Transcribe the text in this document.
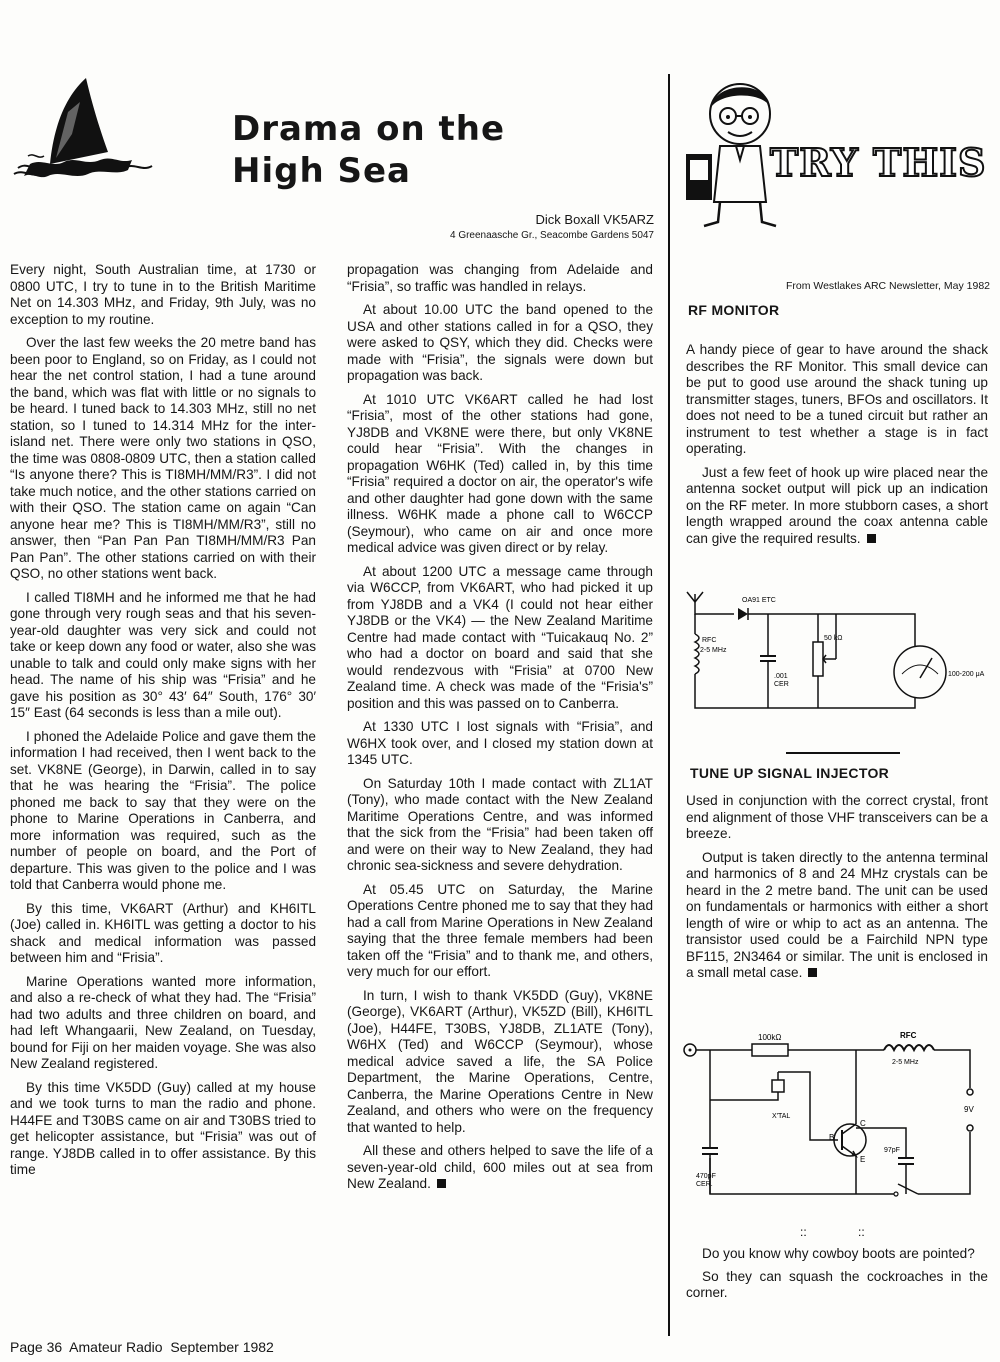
Drama on the
High Sea
Dick Boxall VK5ARZ
4 Greenaasche Gr., Seacombe Gardens 5047

Every night, South Australian time, at 1730 or 0800 UTC, I try to tune in to the British Maritime Net on 14.303 MHz, and Friday, 9th July, was no exception to my routine.

Over the last few weeks the 20 metre band has been poor to England, so on Friday, as I could not hear the net control station, I had a tune around the band, which was flat with little or no signals to be heard. I tuned back to 14.303 MHz, still no net station, so I tuned to 14.314 MHz for the inter-island net. There were only two stations in QSO, the time was 0808-0809 UTC, then a station called “Is anyone there? This is TI8MH/MM/R3”. I did not take much notice, and the other stations carried on with their QSO. The station came on again “Can anyone hear me? This is TI8MH/MM/R3”, still no answer, then “Pan Pan Pan TI8MH/MM/R3 Pan Pan Pan”. The other stations carried on with their QSO, no other stations went back.

I called TI8MH and he informed me that he had gone through very rough seas and that his seven-year-old daughter was very sick and could not take or keep down any food or water, also she was unable to talk and could only make signs with her head. The name of his ship was “Frisia” and he gave his position as 30° 43′ 64″ South, 176° 30′ 15″ East (64 seconds is less than a mile out).

I phoned the Adelaide Police and gave them the information I had received, then I went back to the set. VK8NE (George), in Darwin, called in to say that he was hearing the “Frisia”. The police phoned me back to say that they were on the phone to Marine Operations in Canberra, and more information was required, such as the number of people on board, and the Port of departure. This was given to the police and I was told that Canberra would phone me.

By this time, VK6ART (Arthur) and KH6ITL (Joe) called in. KH6ITL was getting a doctor to his shack and medical information was passed between him and “Frisia”.

Marine Operations wanted more information, and also a re-check of what they had. The “Frisia” had two adults and three children on board, and had left Whangaarii, New Zealand, on Tuesday, bound for Fiji on her maiden voyage. She was also New Zealand registered.

By this time VK5DD (Guy) called at my house and we took turns to man the radio and phone. H44FE and T30BS came on air and T30BS tried to get helicopter assistance, but “Frisia” was out of range. YJ8DB called in to offer assistance. By this time

propagation was changing from Adelaide and “Frisia”, so traffic was handled in relays.

At about 10.00 UTC the band opened to the USA and other stations called in for a QSO, they were asked to QSY, which they did. Checks were made with “Frisia”, the signals were down but propagation was back.

At 1010 UTC VK6ART called he had lost “Frisia”, most of the other stations had gone, YJ8DB and VK8NE were there, but only VK8NE could hear “Frisia”. With the changes in propagation W6HK (Ted) called in, by this time “Frisia” required a doctor on air, the operator's wife and other daughter had gone down with the same illness. W6HK made a phone call to W6CCP (Seymour), who came on air and once more medical advice was given direct or by relay.

At about 1200 UTC a message came through via W6CCP, from VK6ART, who had picked it up from YJ8DB and a VK4 (I could not hear either YJ8DB or the VK4) — the New Zealand Maritime Centre had made contact with “Tuicakauq No. 2” who had a doctor on board and said that she would rendezvous with “Frisia” at 0700 New Zealand time. A check was made of the “Frisia's” position and this was passed on to Canberra.

At 1330 UTC I lost signals with “Frisia”, and W6HX took over, and I closed my station down at 1345 UTC.

On Saturday 10th I made contact with ZL1AT (Tony), who made contact with the New Zealand Maritime Operations Centre, and was informed that the sick from the “Frisia” had been taken off and were on their way to New Zealand, they had chronic sea-sickness and severe dehydration.

At 05.45 UTC on Saturday, the Marine Operations Centre phoned me to say that they had had a call from Marine Operations in New Zealand saying that the three female members had been taken off the “Frisia” and to thank me, and others, very much for our effort.

In turn, I wish to thank VK5DD (Guy), VK8NE (George), VK6ART (Arthur), VK5ZD (Bill), KH6ITL (Joe), H44FE, T30BS, YJ8DB, ZL1ATE (Tony), W6HX (Ted) and W6CCP (Seymour), whose medical advice saved a life, the SA Police Department, the Marine Operations, Centre, Canberra, the Marine Operations Centre in New Zealand, and others who were on the frequency that wanted to help.

All these and others helped to save the life of a seven-year-old child, 600 miles out at sea from New Zealand.

TRY THIS
From Westlakes ARC Newsletter, May 1982
RF MONITOR

A handy piece of gear to have around the shack describes the RF Monitor. This small device can be put to good use around the shack tuning up transmitter stages, tuners, BFOs and oscillators. It does not need to be a tuned circuit but rather an instrument to test whether a stage is in fact operating.

Just a few feet of hook up wire placed near the antenna socket output will pick up an indication on the RF meter. In more stubborn cases, a short length wrapped around the coax antenna cable can give the required results.

OA91 ETC
RFC
2-5 MHz
.001
CER
50 kΩ
100-200 μA
TUNE UP SIGNAL INJECTOR

Used in conjunction with the correct crystal, front end alignment of those VHF transceivers can be a breeze.

Output is taken directly to the antenna terminal and harmonics of 8 and 24 MHz crystals can be heard in the 2 metre band. The unit can be used on fundamentals or harmonics with either a short length of wire or whip to act as an antenna. The transistor used could be a Fairchild NPN type BF115, 2N3464 or similar. The unit is enclosed in a small metal case.

100kΩ	RFC
2-5 MHz
9V
470pF
CER.
X'TAL
B
C
E
97pF
::	::

Do you know why cowboy boots are pointed?

So they can squash the cockroaches in the corner.

Page 36  Amateur Radio  September 1982
